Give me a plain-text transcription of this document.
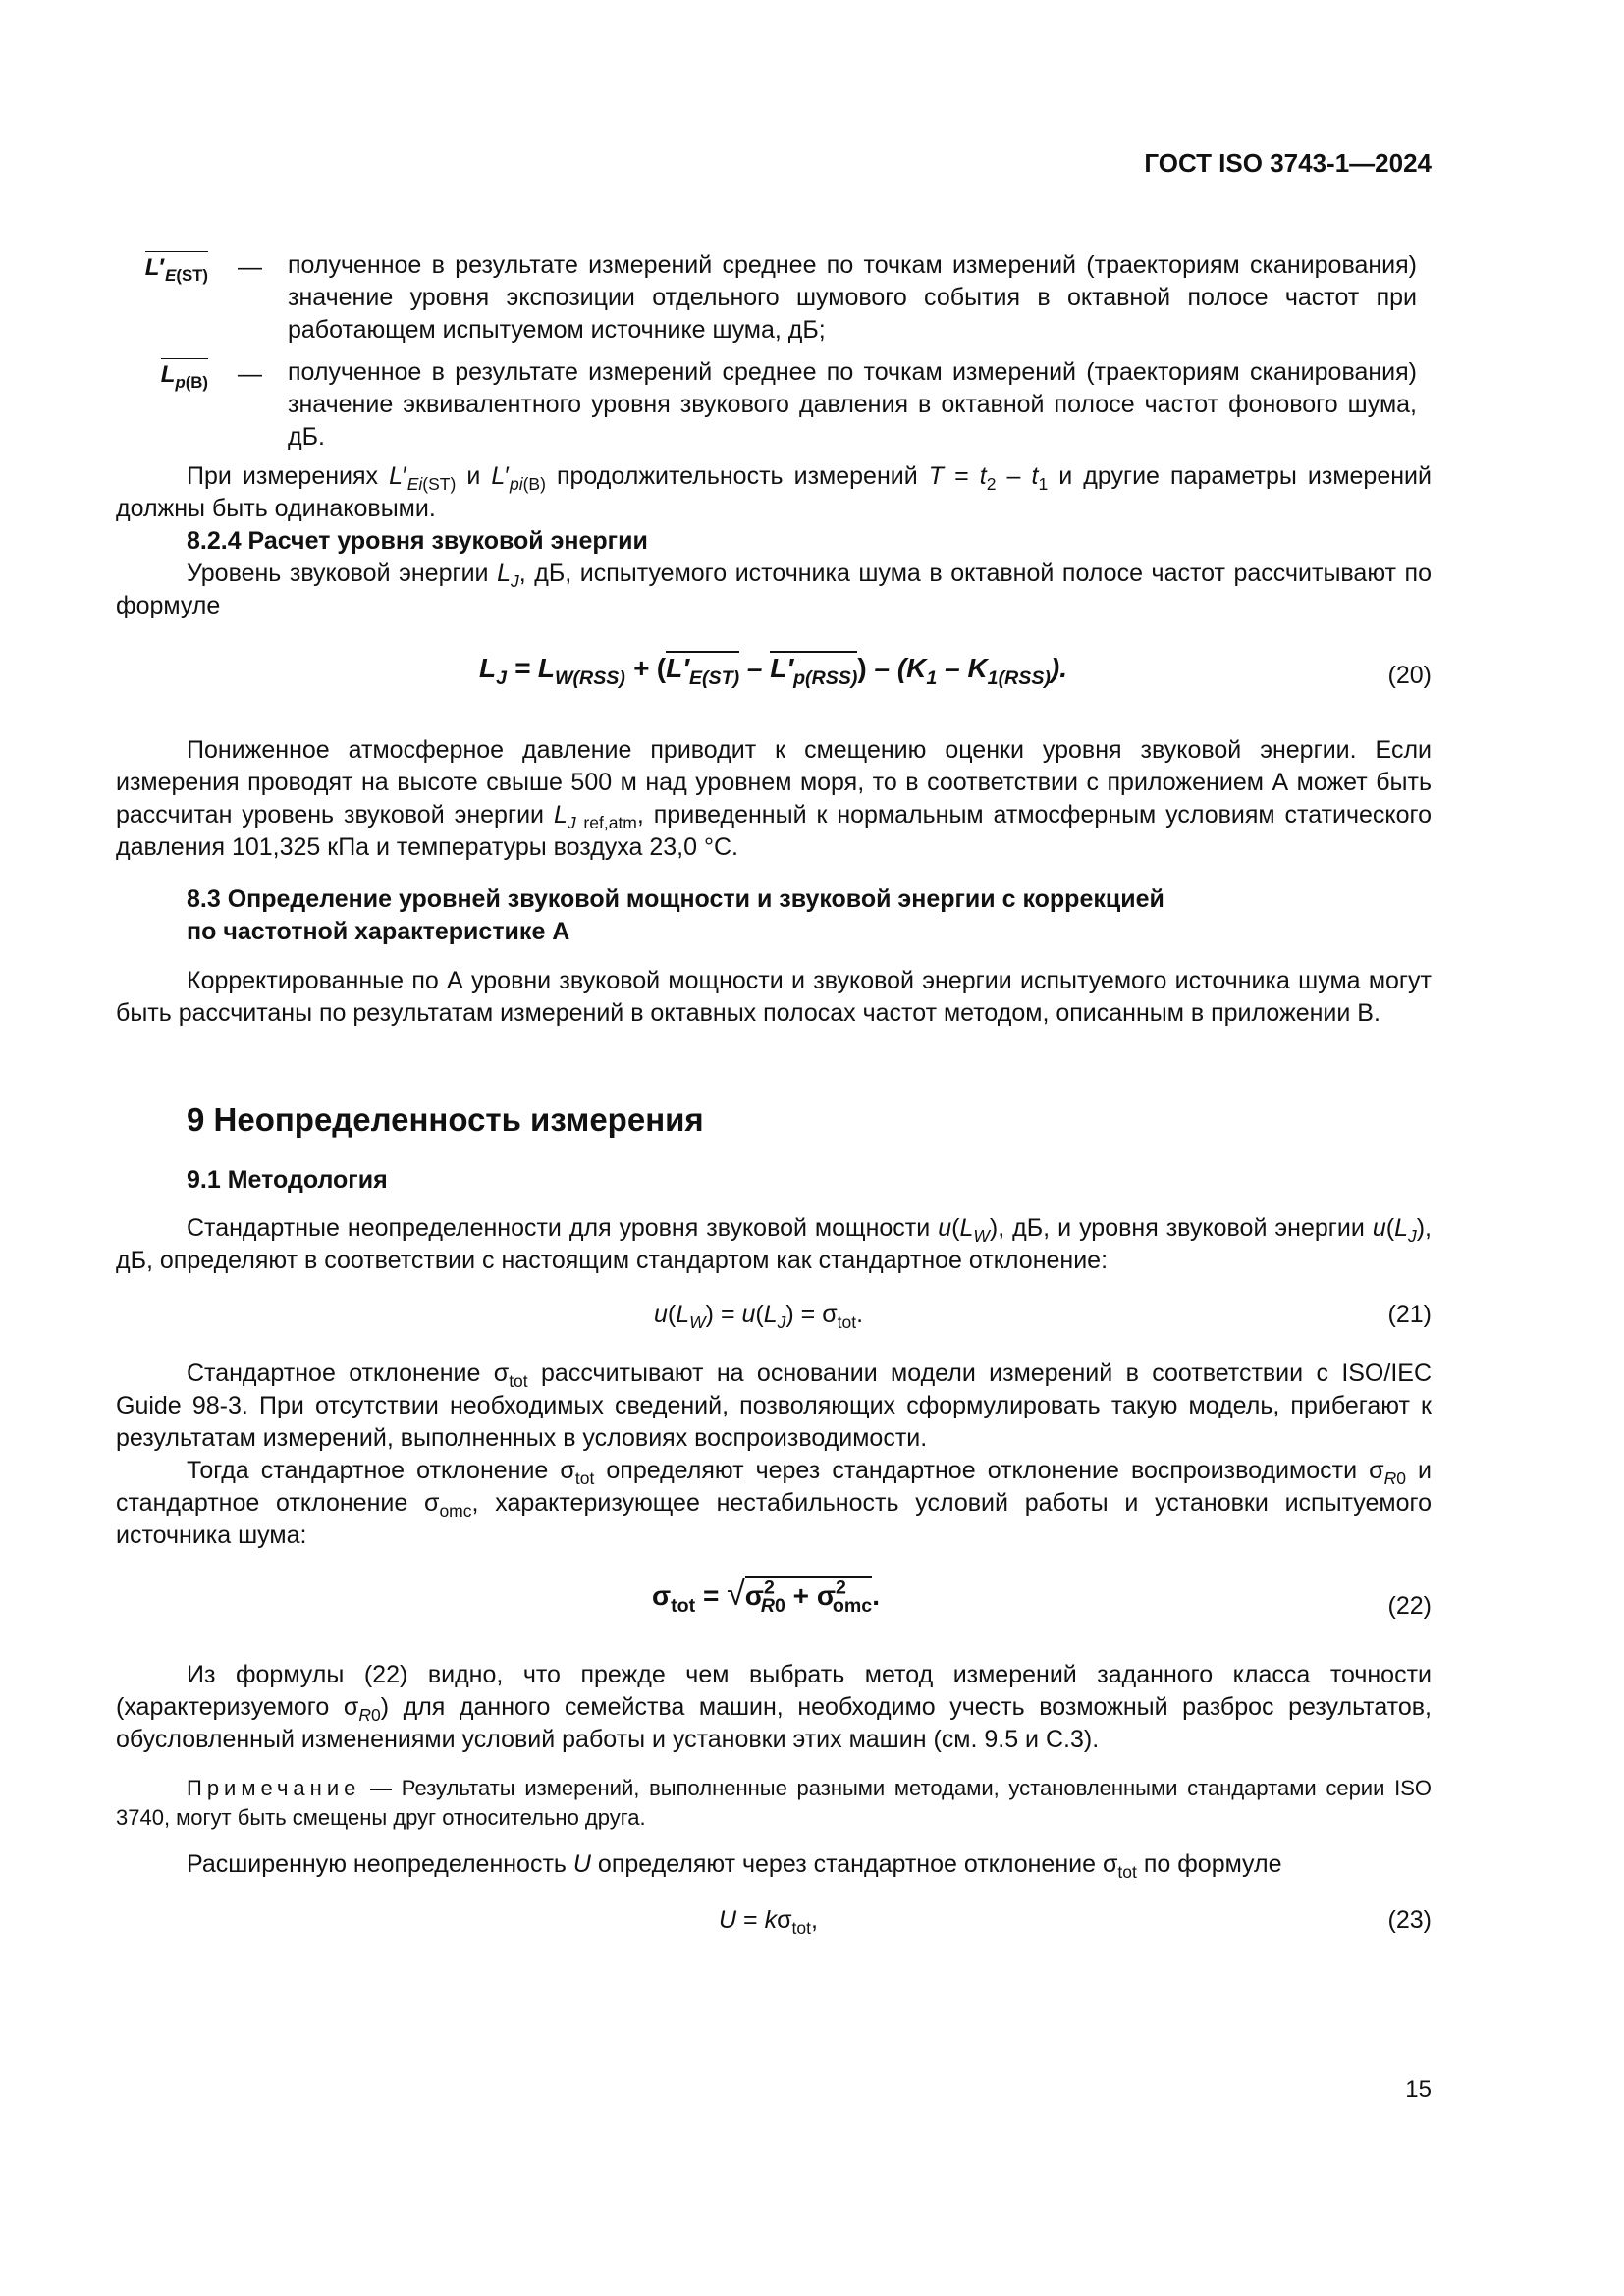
ГОСТ ISO 3743-1—2024
$L'_{E(ST)}$ — полученное в результате измерений среднее по точкам измерений (траекториям сканирования) значение уровня экспозиции отдельного шумового события в октавной полосе частот при работающем испытуемом источнике шума, дБ;
$L_{p(B)}$ — полученное в результате измерений среднее по точкам измерений (траекториям сканирования) значение эквивалентного уровня звукового давления в октавной полосе частот фонового шума, дБ.
При измерениях $L'_{Ei(ST)}$ и $L'_{pi(B)}$ продолжительность измерений $T = t_2 - t_1$ и другие параметры измерений должны быть одинаковыми.
8.2.4 Расчет уровня звуковой энергии
Уровень звуковой энергии $L_J$, дБ, испытуемого источника шума в октавной полосе частот рассчитывают по формуле
$L_J = L_{W(RSS)} + (L'_{E(ST)} - L'_{p(RSS)}) - (K_1 - K_{1(RSS)})$.	(20)
Пониженное атмосферное давление приводит к смещению оценки уровня звуковой энергии. Если измерения проводят на высоте свыше 500 м над уровнем моря, то в соответствии с приложением А может быть рассчитан уровень звуковой энергии $L_J$ $_{ref,atm}$, приведенный к нормальным атмосферным условиям статического давления 101,325 кПа и температуры воздуха 23,0 °С.
8.3 Определение уровней звуковой мощности и звуковой энергии с коррекцией
по частотной характеристике А
Корректированные по А уровни звуковой мощности и звуковой энергии испытуемого источника шума могут быть рассчитаны по результатам измерений в октавных полосах частот методом, описанным в приложении В.
9 Неопределенность измерения
9.1 Методология
Стандартные неопределенности для уровня звуковой мощности $u(L_W)$, дБ, и уровня звуковой энергии $u(L_J)$, дБ, определяют в соответствии с настоящим стандартом как стандартное отклонение:
$u(L_W) = u(L_J) = \sigma_{tot}$.	(21)
Стандартное отклонение $\sigma_{tot}$ рассчитывают на основании модели измерений в соответствии с ISO/IEC Guide 98-3. При отсутствии необходимых сведений, позволяющих сформулировать такую модель, прибегают к результатам измерений, выполненных в условиях воспроизводимости.
Тогда стандартное отклонение $\sigma_{tot}$ определяют через стандартное отклонение воспроизводимости $\sigma_{R0}$ и стандартное отклонение $\sigma_{omc}$, характеризующее нестабильность условий работы и установки испытуемого источника шума:
$\sigma_{tot} = √\sigma^2_{R0} + \sigma^2_{omc}$.	(22)
Из формулы (22) видно, что прежде чем выбрать метод измерений заданного класса точности (характеризуемого $\sigma_{R0}$) для данного семейства машин, необходимо учесть возможный разброс результатов, обусловленный изменениями условий работы и установки этих машин (см. 9.5 и С.3).
Примечание — Результаты измерений, выполненные разными методами, установленными стандартами серии ISO 3740, могут быть смещены друг относительно друга.
Расширенную неопределенность U определяют через стандартное отклонение $\sigma_{tot}$ по формуле
$U = k\sigma_{tot}$,	(23)
15
